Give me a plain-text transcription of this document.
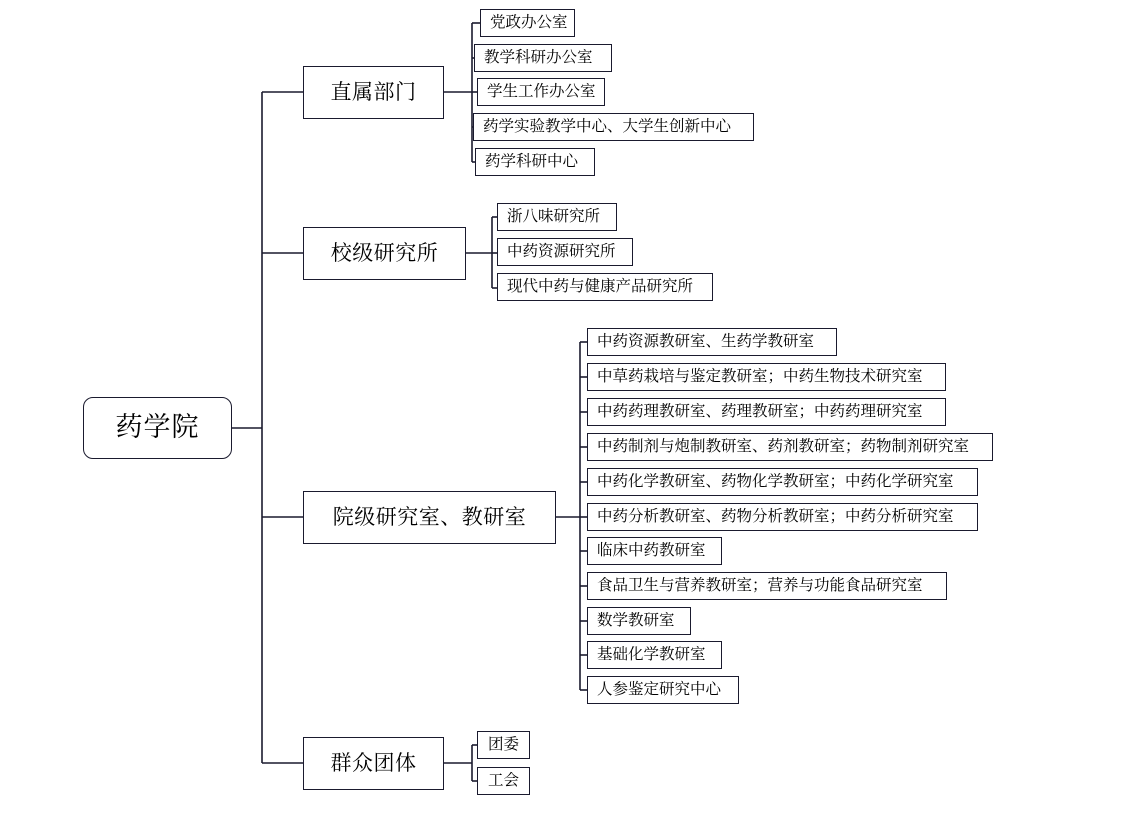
药学院
直属部门
党政办公室
教学科研办公室
学生工作办公室
药学实验教学中心、大学生创新中心
药学科研中心
校级研究所
浙八味研究所
中药资源研究所
现代中药与健康产品研究所
院级研究室、教研室
中药资源教研室、生药学教研室
中草药栽培与鉴定教研室；中药生物技术研究室
中药药理教研室、药理教研室；中药药理研究室
中药制剂与炮制教研室、药剂教研室；药物制剂研究室
中药化学教研室、药物化学教研室；中药化学研究室
中药分析教研室、药物分析教研室；中药分析研究室
临床中药教研室
食品卫生与营养教研室；营养与功能食品研究室
数学教研室
基础化学教研室
人参鉴定研究中心
群众团体
团委
工会
